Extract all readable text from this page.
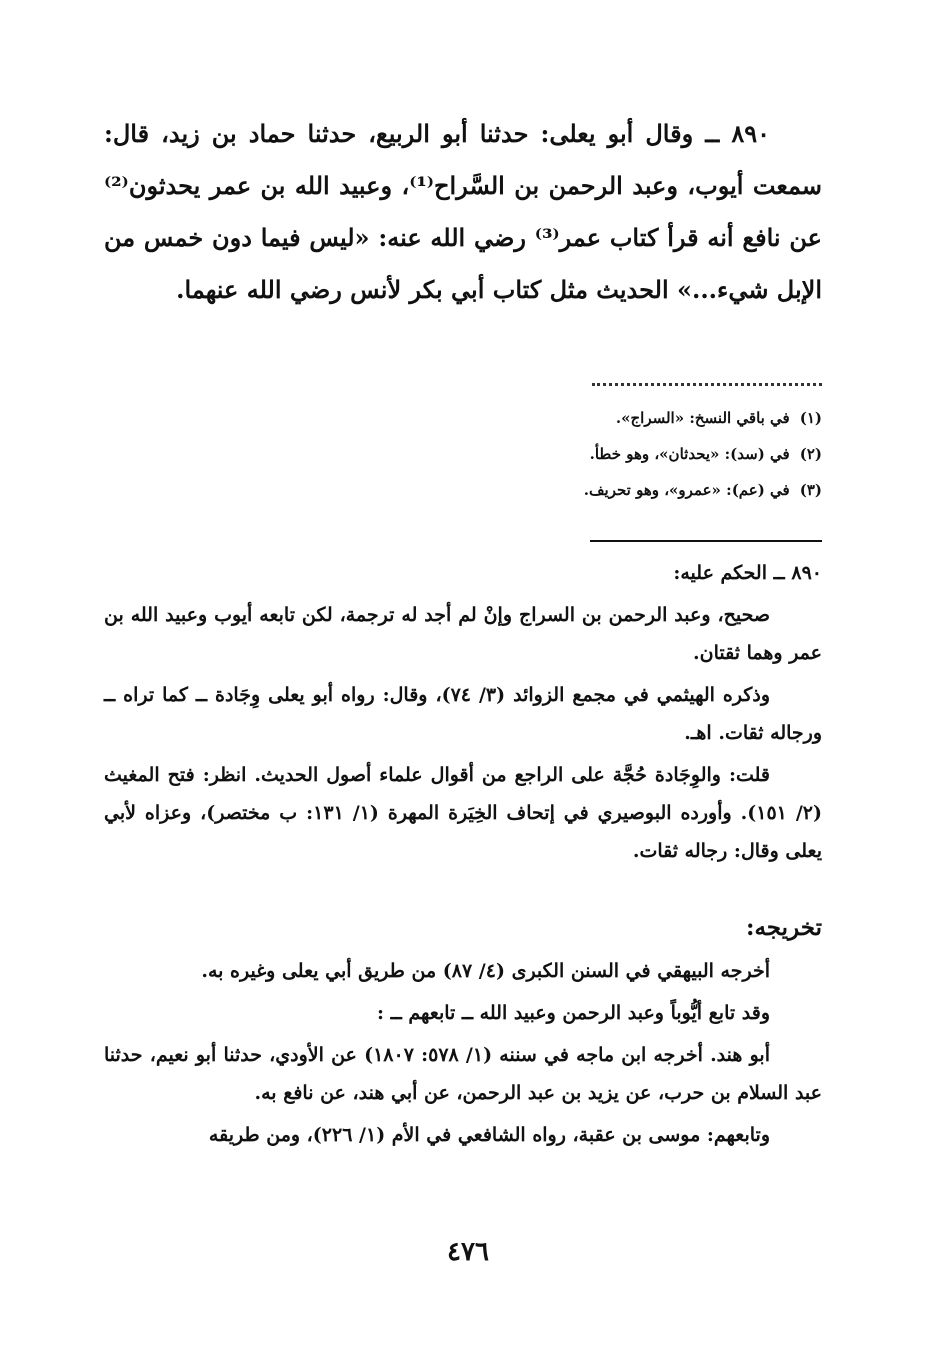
٨٩٠ ــ وقال أبو يعلى: حدثنا أبو الربيع، حدثنا حماد بن زيد، قال: سمعت أيوب، وعبد الرحمن بن السَّراح⁽¹⁾، وعبيد الله بن عمر يحدثون⁽²⁾ عن نافع أنه قرأ كتاب عمر⁽³⁾ رضي الله عنه: «ليس فيما دون خمس من الإبل شيء...» الحديث مثل كتاب أبي بكر لأنس رضي الله عنهما.

(١)في باقي النسخ: «السراج».
(٢)في (سد): «يحدثان»، وهو خطأ.
(٣)في (عم): «عمرو»، وهو تحريف.
٨٩٠ ــ الحكم عليه:

صحيح، وعبد الرحمن بن السراج وإنْ لم أجد له ترجمة، لكن تابعه أيوب وعبيد الله بن عمر وهما ثقتان.

وذكره الهيثمي في مجمع الزوائد (٣/ ٧٤)، وقال: رواه أبو يعلى وِجَادة ــ كما تراه ــ ورجاله ثقات. اهـ.

قلت: والوِجَادة حُجَّة على الراجع من أقوال علماء أصول الحديث. انظر: فتح المغيث (٢/ ١٥١). وأورده البوصيري في إتحاف الخِيَرة المهرة (١/ ١٣١: ب مختصر)، وعزاه لأبي يعلى وقال: رجاله ثقات.

تخريجه:

أخرجه البيهقي في السنن الكبرى (٤/ ٨٧) من طريق أبي يعلى وغيره به.

وقد تابع أيُّوباً وعبد الرحمن وعبيد الله ــ تابعهم ــ :

أبو هند. أخرجه ابن ماجه في سننه (١/ ٥٧٨: ١٨٠٧) عن الأودي، حدثنا أبو نعيم، حدثنا عبد السلام بن حرب، عن يزيد بن عبد الرحمن، عن أبي هند، عن نافع به.

وتابعهم: موسى بن عقبة، رواه الشافعي في الأم (١/ ٢٢٦)، ومن طريقه

٤٧٦
